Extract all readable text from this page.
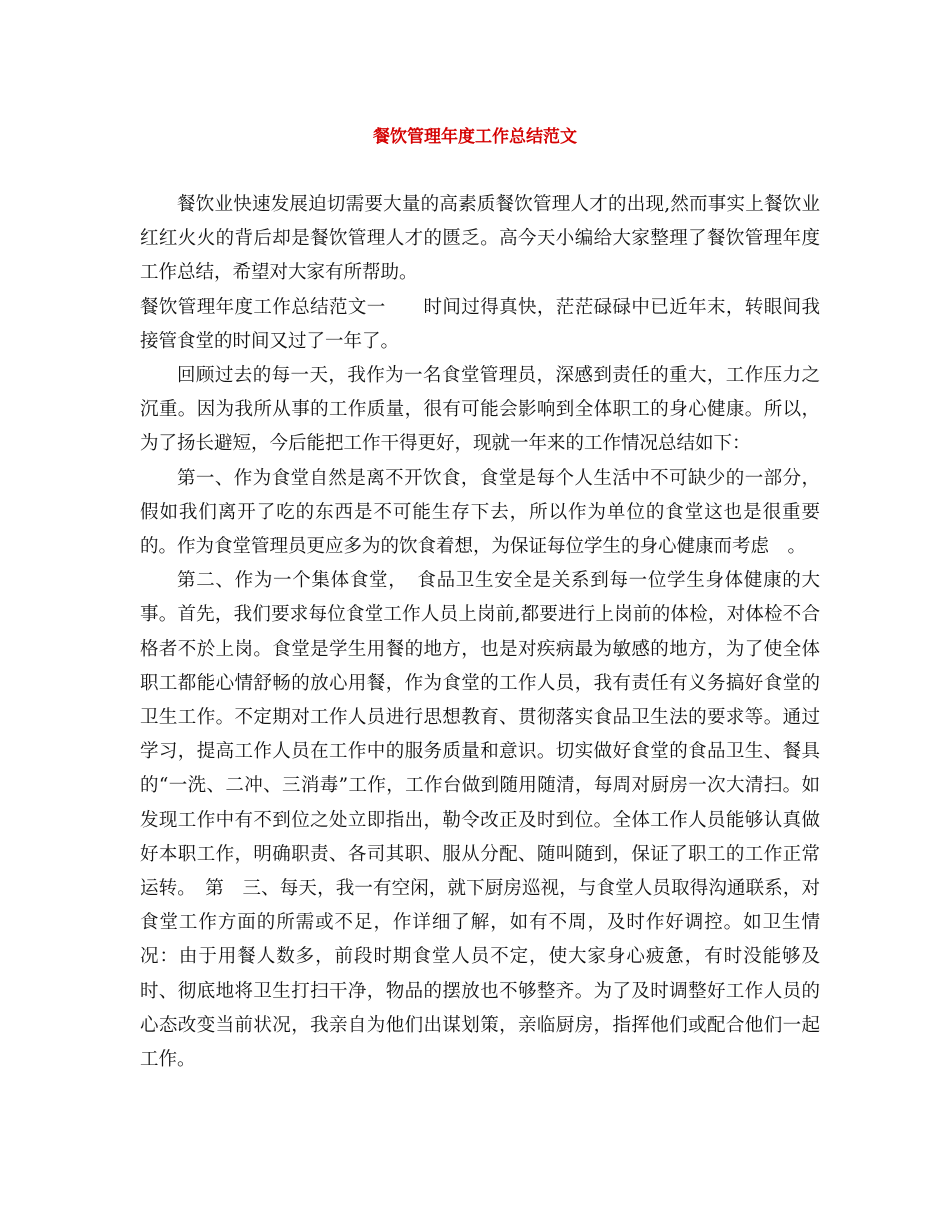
餐饮管理年度工作总结范文

餐饮业快速发展迫切需要大量的高素质餐饮管理人才的出现,然而事实上餐饮业红红火火的背后却是餐饮管理人才的匮乏。高今天小编给大家整理了餐饮管理年度工作总结，希望对大家有所帮助。

餐饮管理年度工作总结范文一　　时间过得真快，茫茫碌碌中已近年末，转眼间我接管食堂的时间又过了一年了。

回顾过去的每一天，我作为一名食堂管理员，深感到责任的重大，工作压力之沉重。因为我所从事的工作质量，很有可能会影响到全体职工的身心健康。所以，为了扬长避短，今后能把工作干得更好，现就一年来的工作情况总结如下：

第一、作为食堂自然是离不开饮食，食堂是每个人生活中不可缺少的一部分，假如我们离开了吃的东西是不可能生存下去，所以作为单位的食堂这也是很重要的。作为食堂管理员更应多为的饮食着想，为保证每位学生的身心健康而考虑　。

第二、作为一个集体食堂，　食品卫生安全是关系到每一位学生身体健康的大事。首先，我们要求每位食堂工作人员上岗前,都要进行上岗前的体检，对体检不合格者不於上岗。食堂是学生用餐的地方，也是对疾病最为敏感的地方，为了使全体职工都能心情舒畅的放心用餐，作为食堂的工作人员，我有责任有义务搞好食堂的卫生工作。不定期对工作人员进行思想教育、贯彻落实食品卫生法的要求等。通过学习，提高工作人员在工作中的服务质量和意识。切实做好食堂的食品卫生、餐具的“一洗、二冲、三消毒”工作，工作台做到随用随清，每周对厨房一次大清扫。如发现工作中有不到位之处立即指出，勒令改正及时到位。全体工作人员能够认真做好本职工作，明确职责、各司其职、服从分配、随叫随到，保证了职工的工作正常运转。　第　三、每天，我一有空闲，就下厨房巡视，与食堂人员取得沟通联系，对食堂工作方面的所需或不足，作详细了解，如有不周，及时作好调控。如卫生情况：由于用餐人数多，前段时期食堂人员不定，使大家身心疲惫，有时没能够及时、彻底地将卫生打扫干净，物品的摆放也不够整齐。为了及时调整好工作人员的心态改变当前状况，我亲自为他们出谋划策，亲临厨房，指挥他们或配合他们一起工作。
